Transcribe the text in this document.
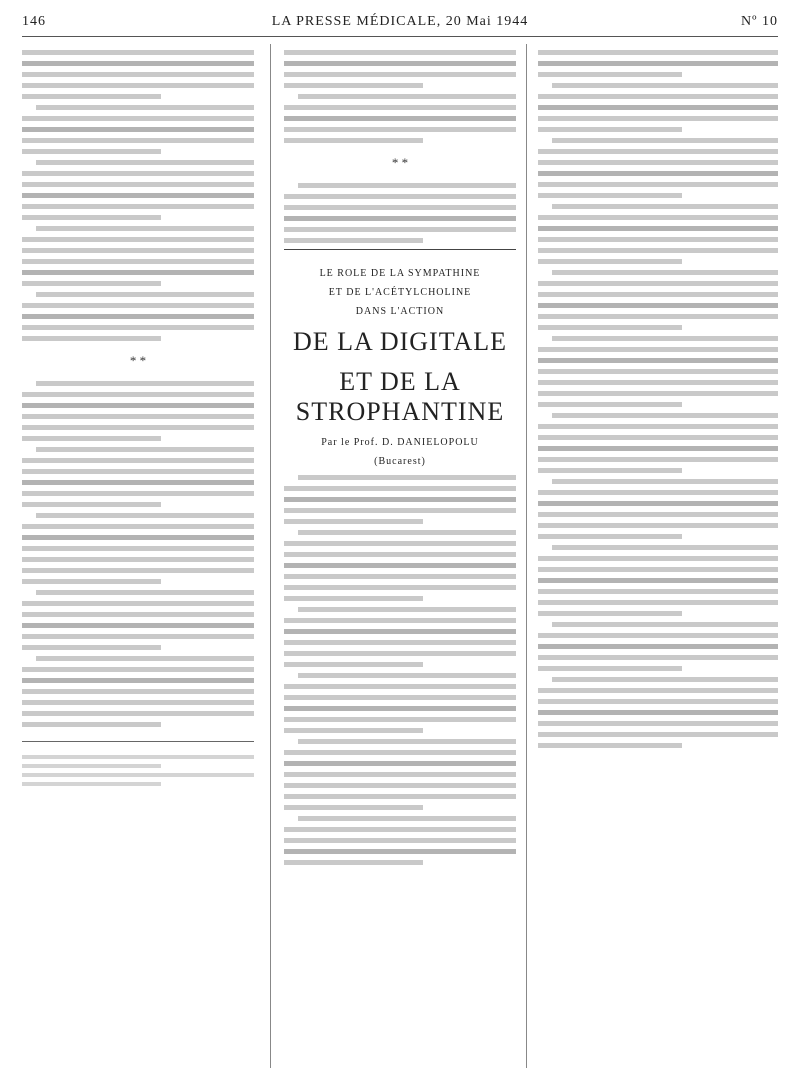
146	LA PRESSE MÉDICALE, 20 Mai 1944	Nº 10
* *
* *
LE ROLE DE LA SYMPATHINE
ET DE L'ACÉTYLCHOLINE
DANS L'ACTION
DE LA DIGITALE
ET DE LA STROPHANTINE
Par le Prof. D. DANIELOPOLU
(Bucarest)
